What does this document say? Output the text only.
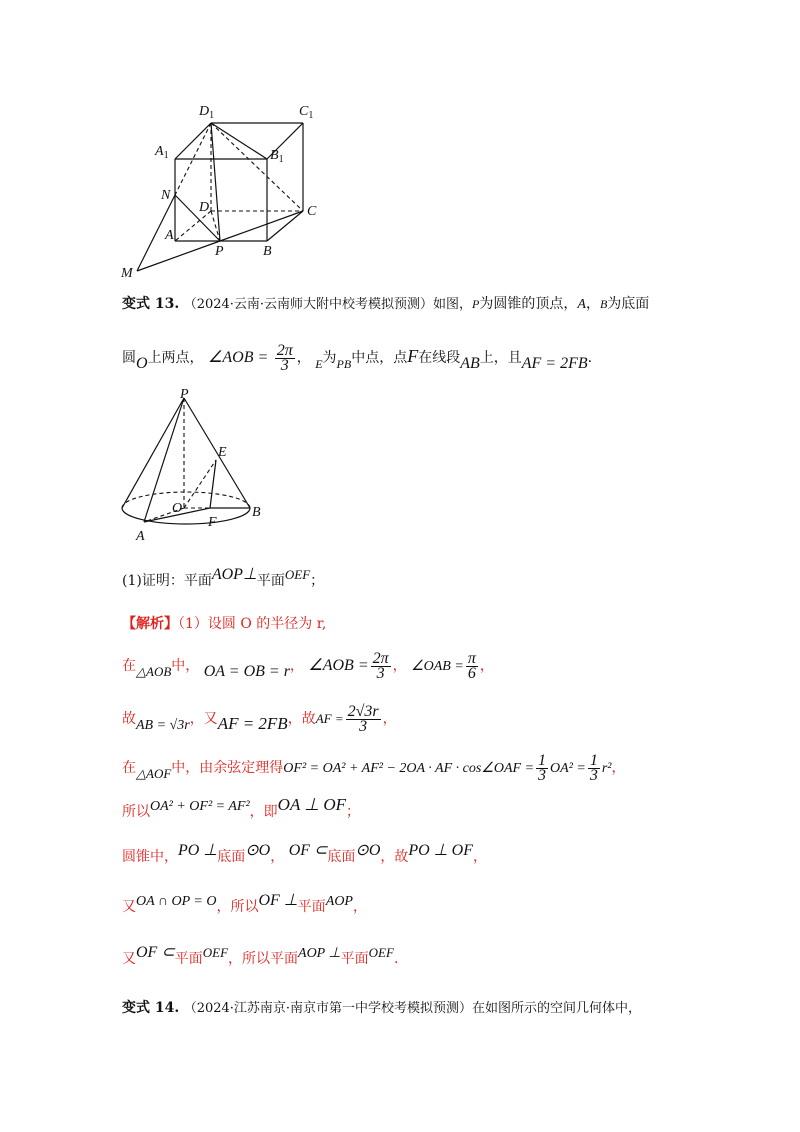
$D_1$	$C_1$
$A_1$	$B_1$
N
D	C
A
P	B
M
变式 13. （2024·云南·云南师大附中校考模拟预测）如图，P为圆锥的顶点，A，B为底面
圆O上两点， ∠AOB = $\frac{2\pi}{3}$ ， E为PB中点，点F在线段AB上，且AF = 2FB.
P
E
O	B
F
A
(1)证明：平面AOP⊥平面OEF；
【解析】（1）设圆 O 的半径为 r,
在△AOB中， OA = OB = r， ∠AOB = $\frac{2\pi}{3}$ ， ∠OAB = $\frac{\pi}{6}$ ，
故AB = √3r，又AF = 2FB，故AF = $\frac{2√3r}{3}$ ，
在△AOF中，由余弦定理得OF² = OA² + AF² − 2OA · AF · cos∠OAF = $\frac{1}{3} OA^2 = \frac{1}{3} r^2$，
所以OA² + OF² = AF²，即OA ⊥ OF；
圆锥中，PO ⊥底面⊙O， OF ⊂底面⊙O，故PO ⊥ OF，
又OA ∩ OP = O，所以OF ⊥平面AOP，
又OF ⊂平面OEF，所以平面AOP ⊥平面OEF.
变式 14. （2024·江苏南京·南京市第一中学校考模拟预测）在如图所示的空间几何体中，
